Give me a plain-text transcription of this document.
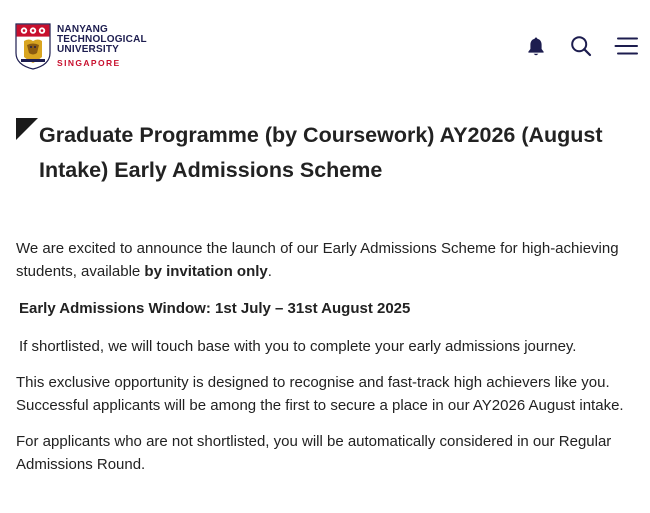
NANYANG
TECHNOLOGICAL
UNIVERSITY
SINGAPORE
Graduate Programme (by Coursework) AY2026 (August Intake) Early Admissions Scheme

We are excited to announce the launch of our Early Admissions Scheme for high-achieving students, available by invitation only.

Early Admissions Window: 1st July – 31st August 2025

If shortlisted, we will touch base with you to complete your early admissions journey.

This exclusive opportunity is designed to recognise and fast-track high achievers like you. Successful applicants will be among the first to secure a place in our AY2026 August intake.

For applicants who are not shortlisted, you will be automatically considered in our Regular Admissions Round.
